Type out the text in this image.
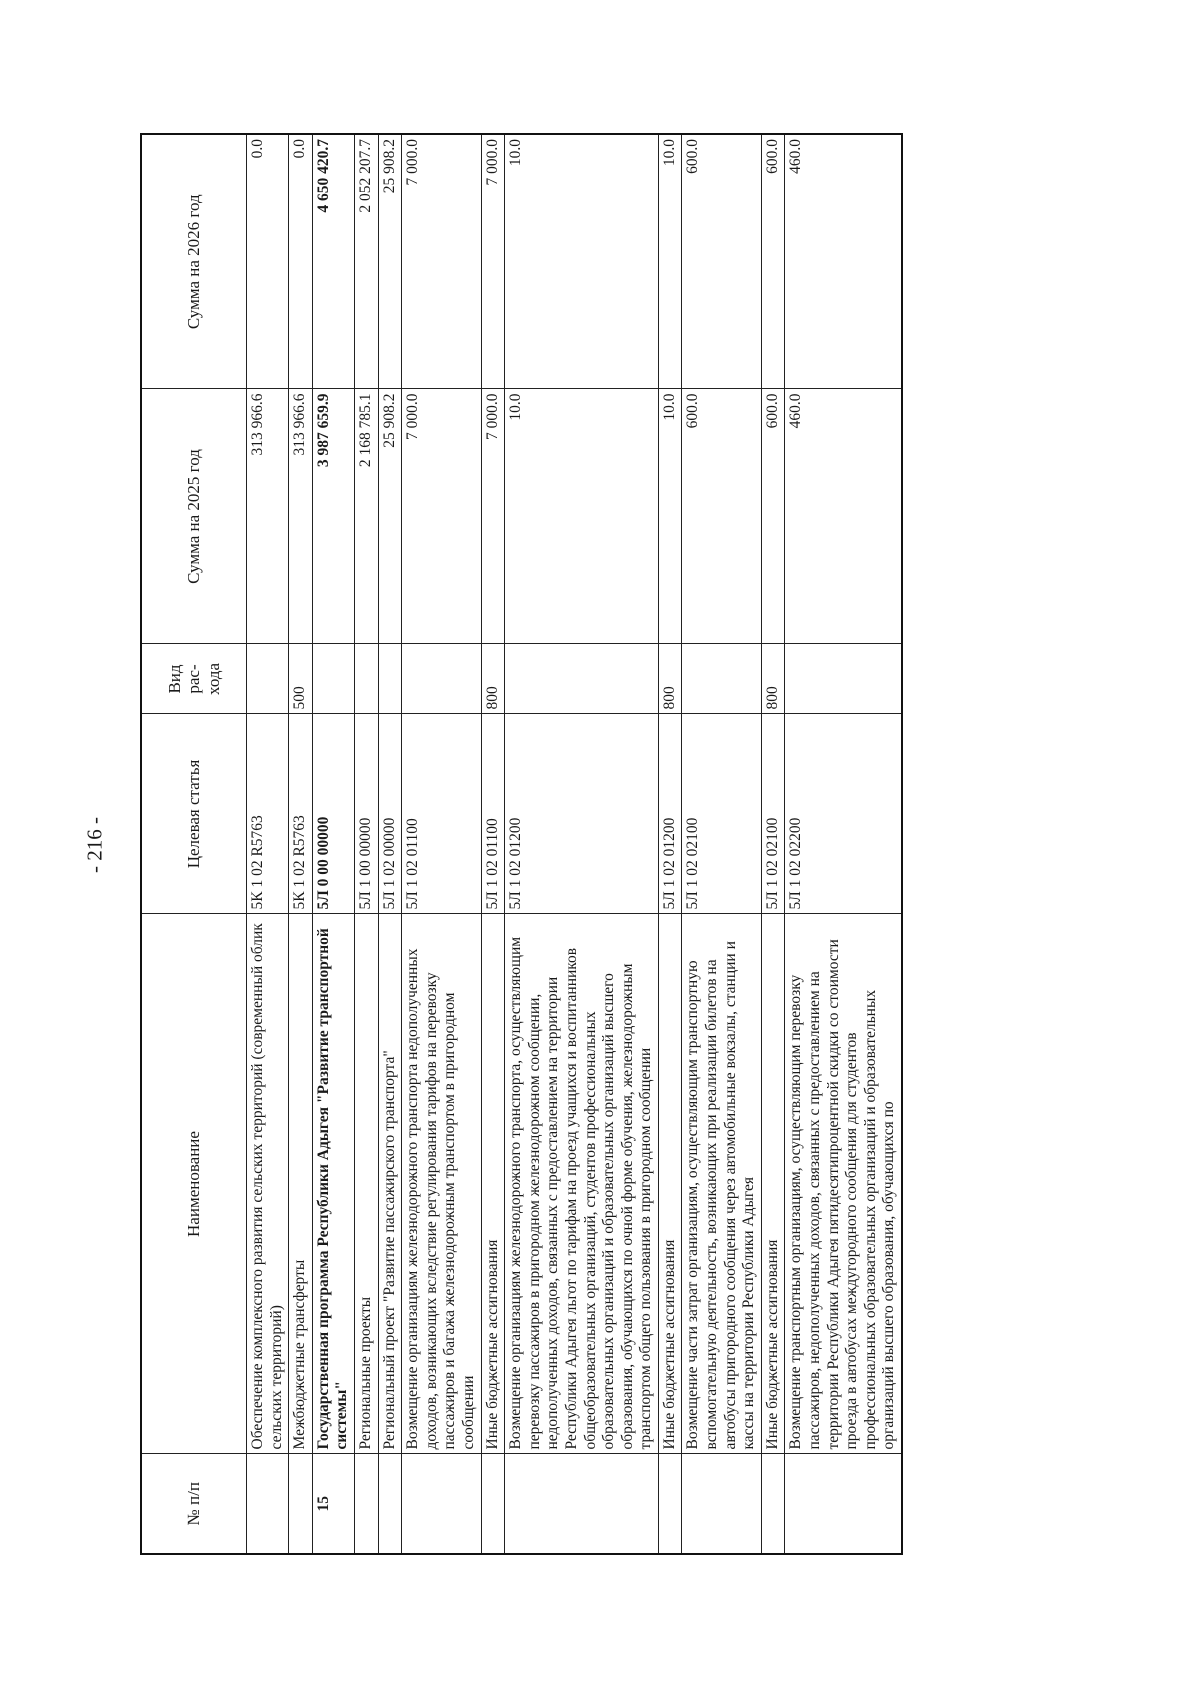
- 216 -
№ п/п	Наименование	Целевая статья	Вид рас-хода	Сумма на 2025 год	Сумма на 2026 год
	Обеспечение комплексного развития сельских территорий (современный облик сельских территорий)	5К 1 02 R5763		313 966.6	0.0
	Межбюджетные трансферты	5К 1 02 R5763	500	313 966.6	0.0
15	Государственная программа Республики Адыгея "Развитие транспортной системы"	5Л 0 00 00000		3 987 659.9	4 650 420.7
	Региональные проекты	5Л 1 00 00000		2 168 785.1	2 052 207.7
	Региональный проект "Развитие пассажирского транспорта"	5Л 1 02 00000		25 908.2	25 908.2
	Возмещение организациям железнодорожного транспорта недополученных доходов, возникающих вследствие регулирования тарифов на перевозку пассажиров и багажа железнодорожным транспортом в пригородном сообщении	5Л 1 02 01100		7 000.0	7 000.0
	Иные бюджетные ассигнования	5Л 1 02 01100	800	7 000.0	7 000.0
	Возмещение организациям железнодорожного транспорта, осуществляющим перевозку пассажиров в пригородном железнодорожном сообщении, недополученных доходов, связанных с предоставлением на территории Республики Адыгея льгот по тарифам на проезд учащихся и воспитанников общеобразовательных организаций, студентов профессиональных образовательных организаций и образовательных организаций высшего образования, обучающихся по очной форме обучения, железнодорожным транспортом общего пользования в пригородном сообщении	5Л 1 02 01200		10.0	10.0
	Иные бюджетные ассигнования	5Л 1 02 01200	800	10.0	10.0
	Возмещение части затрат организациям, осуществляющим транспортную вспомогательную деятельность, возникающих при реализации билетов на автобусы пригородного сообщения через автомобильные вокзалы, станции и кассы на территории Республики Адыгея	5Л 1 02 02100		600.0	600.0
	Иные бюджетные ассигнования	5Л 1 02 02100	800	600.0	600.0
	Возмещение транспортным организациям, осуществляющим перевозку пассажиров, недополученных доходов, связанных с предоставлением на территории Республики Адыгея пятидесятипроцентной скидки со стоимости проезда в автобусах междугородного сообщения для студентов профессиональных образовательных организаций и образовательных организаций высшего образования, обучающихся по	5Л 1 02 02200		460.0	460.0
